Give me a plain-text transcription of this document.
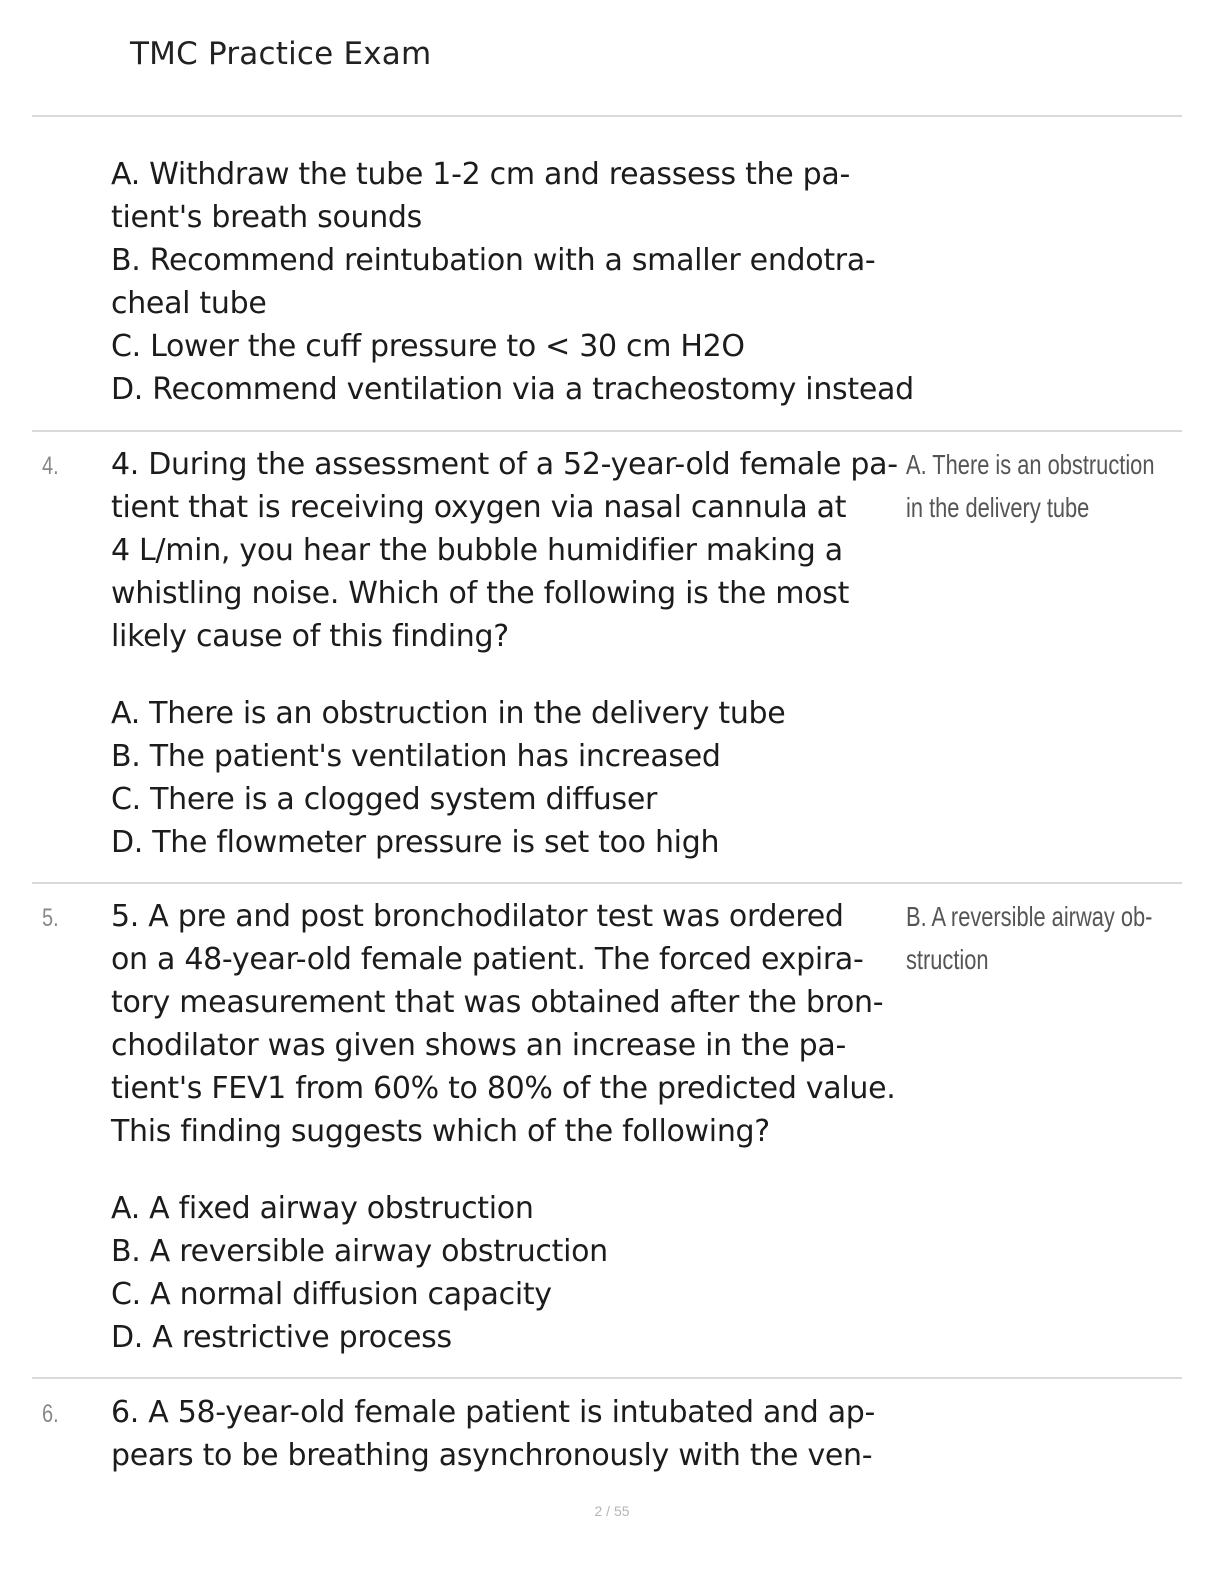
TMC Practice Exam
A. Withdraw the tube 1-2 cm and reassess the pa-
tient's breath sounds
B. Recommend reintubation with a smaller endotra-
cheal tube
C. Lower the cuff pressure to < 30 cm H2O
D. Recommend ventilation via a tracheostomy instead
4. 4. During the assessment of a 52-year-old female pa-
tient that is receiving oxygen via nasal cannula at
4 L/min, you hear the bubble humidifier making a
whistling noise. Which of the following is the most
likely cause of this finding?
A. There is an obstruction
in the delivery tube
A. There is an obstruction in the delivery tube
B. The patient's ventilation has increased
C. There is a clogged system diffuser
D. The flowmeter pressure is set too high
5. 5. A pre and post bronchodilator test was ordered
on a 48-year-old female patient. The forced expira-
tory measurement that was obtained after the bron-
chodilator was given shows an increase in the pa-
tient's FEV1 from 60% to 80% of the predicted value.
This finding suggests which of the following?
B. A reversible airway ob-
struction
A. A fixed airway obstruction
B. A reversible airway obstruction
C. A normal diffusion capacity
D. A restrictive process
6. 6. A 58-year-old female patient is intubated and ap-
pears to be breathing asynchronously with the ven-
2 / 55
